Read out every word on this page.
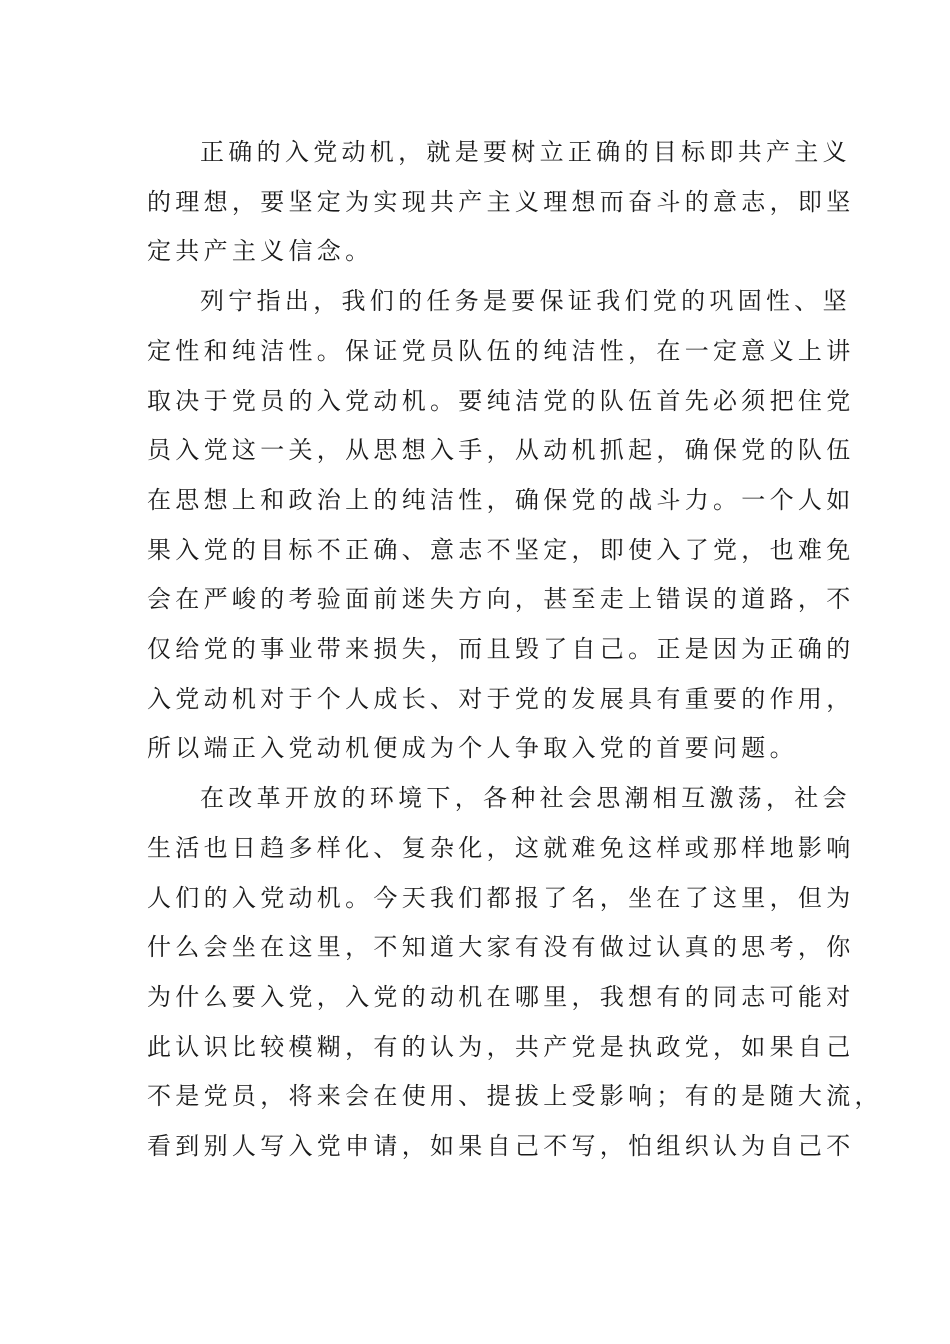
正确的入党动机，就是要树立正确的目标即共产主义
的理想，要坚定为实现共产主义理想而奋斗的意志，即坚
定共产主义信念。

列宁指出，我们的任务是要保证我们党的巩固性、坚
定性和纯洁性。保证党员队伍的纯洁性，在一定意义上讲
取决于党员的入党动机。要纯洁党的队伍首先必须把住党
员入党这一关，从思想入手，从动机抓起，确保党的队伍
在思想上和政治上的纯洁性，确保党的战斗力。一个人如
果入党的目标不正确、意志不坚定，即使入了党，也难免
会在严峻的考验面前迷失方向，甚至走上错误的道路，不
仅给党的事业带来损失，而且毁了自己。正是因为正确的
入党动机对于个人成长、对于党的发展具有重要的作用，
所以端正入党动机便成为个人争取入党的首要问题。

在改革开放的环境下，各种社会思潮相互激荡，社会
生活也日趋多样化、复杂化，这就难免这样或那样地影响
人们的入党动机。今天我们都报了名，坐在了这里，但为
什么会坐在这里，不知道大家有没有做过认真的思考，你
为什么要入党，入党的动机在哪里，我想有的同志可能对
此认识比较模糊，有的认为，共产党是执政党，如果自己
不是党员，将来会在使用、提拔上受影响；有的是随大流，
看到别人写入党申请，如果自己不写，怕组织认为自己不
